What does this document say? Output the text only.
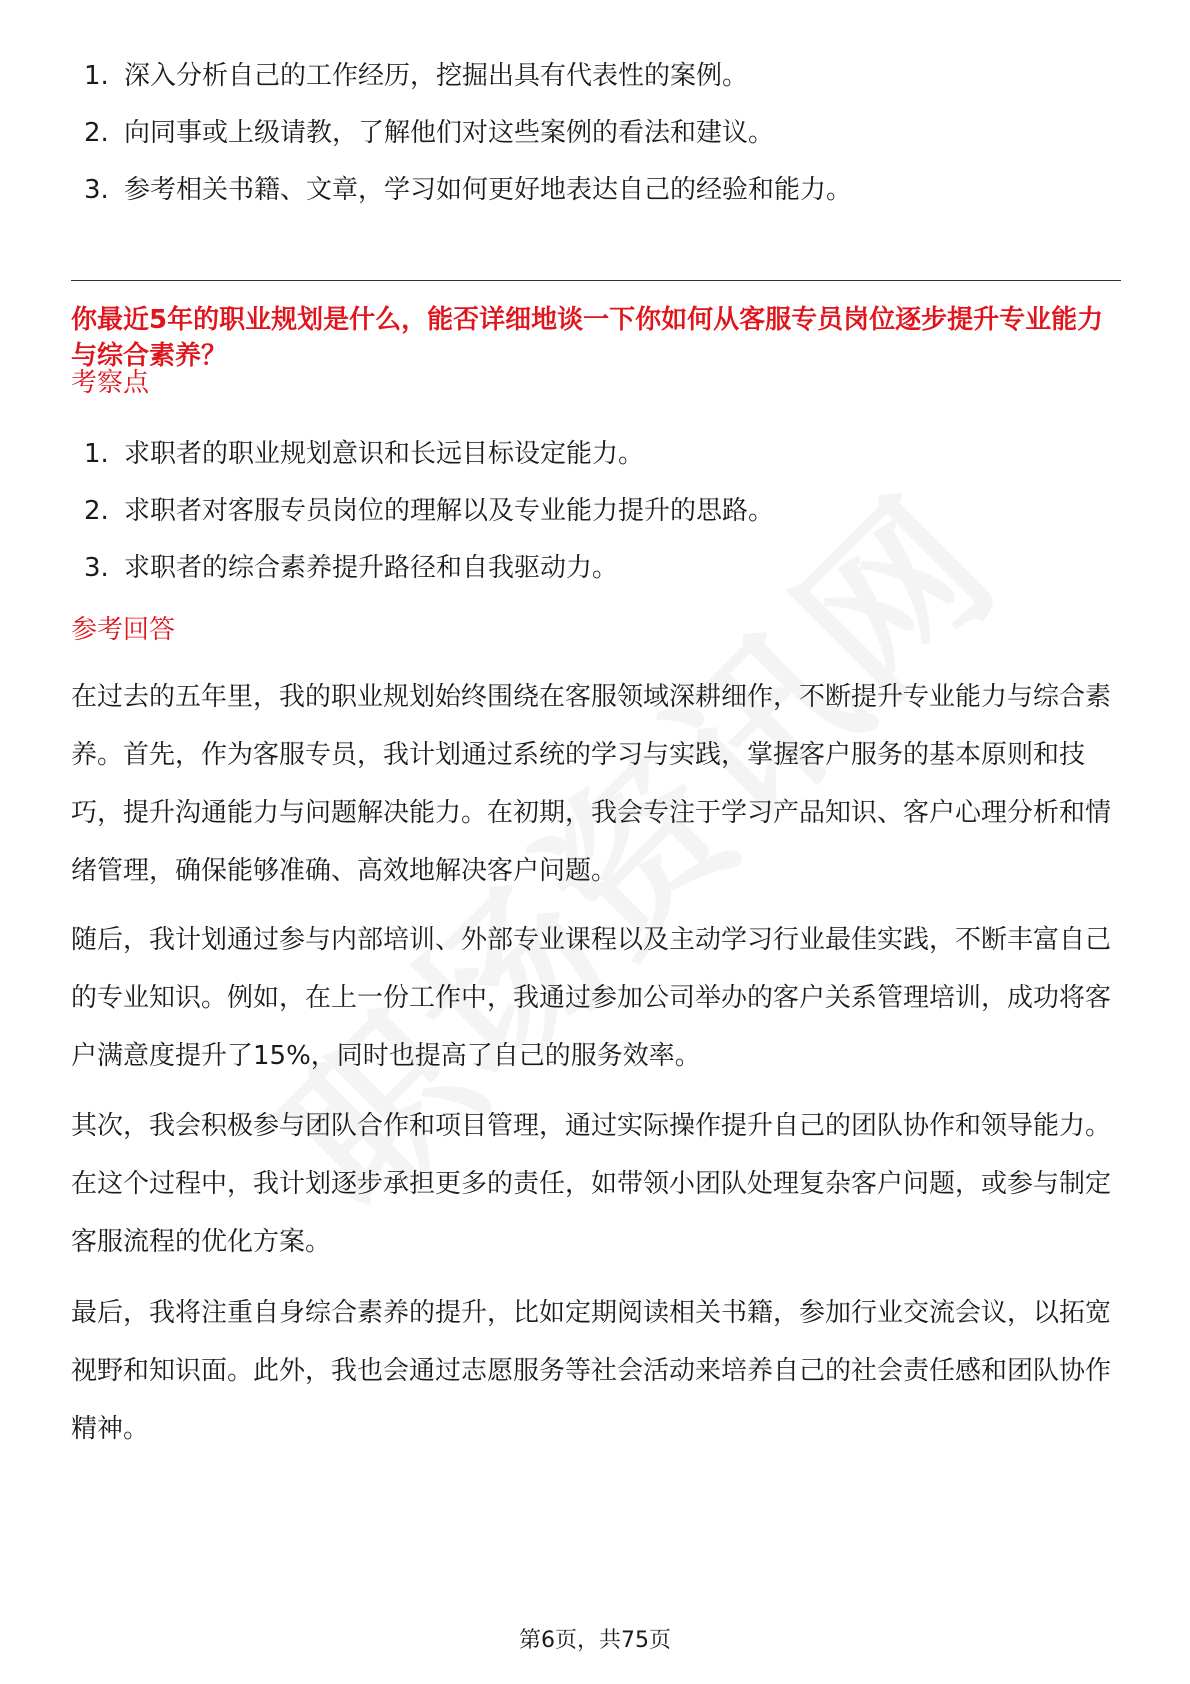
1. 深入分析自己的工作经历，挖掘出具有代表性的案例。
2. 向同事或上级请教，了解他们对这些案例的看法和建议。
3. 参考相关书籍、文章，学习如何更好地表达自己的经验和能力。
你最近5年的职业规划是什么，能否详细地谈一下你如何从客服专员岗位逐步提升专业能力与综合素养？
考察点
1. 求职者的职业规划意识和长远目标设定能力。
2. 求职者对客服专员岗位的理解以及专业能力提升的思路。
3. 求职者的综合素养提升路径和自我驱动力。
参考回答

在过去的五年里，我的职业规划始终围绕在客服领域深耕细作，不断提升专业能力与综合素养。首先，作为客服专员，我计划通过系统的学习与实践，掌握客户服务的基本原则和技巧，提升沟通能力与问题解决能力。在初期，我会专注于学习产品知识、客户心理分析和情绪管理，确保能够准确、高效地解决客户问题。

随后，我计划通过参与内部培训、外部专业课程以及主动学习行业最佳实践，不断丰富自己的专业知识。例如，在上一份工作中，我通过参加公司举办的客户关系管理培训，成功将客户满意度提升了15%，同时也提高了自己的服务效率。

其次，我会积极参与团队合作和项目管理，通过实际操作提升自己的团队协作和领导能力。在这个过程中，我计划逐步承担更多的责任，如带领小团队处理复杂客户问题，或参与制定客服流程的优化方案。

最后，我将注重自身综合素养的提升，比如定期阅读相关书籍，参加行业交流会议，以拓宽视野和知识面。此外，我也会通过志愿服务等社会活动来培养自己的社会责任感和团队协作精神。

第6页，共75页
